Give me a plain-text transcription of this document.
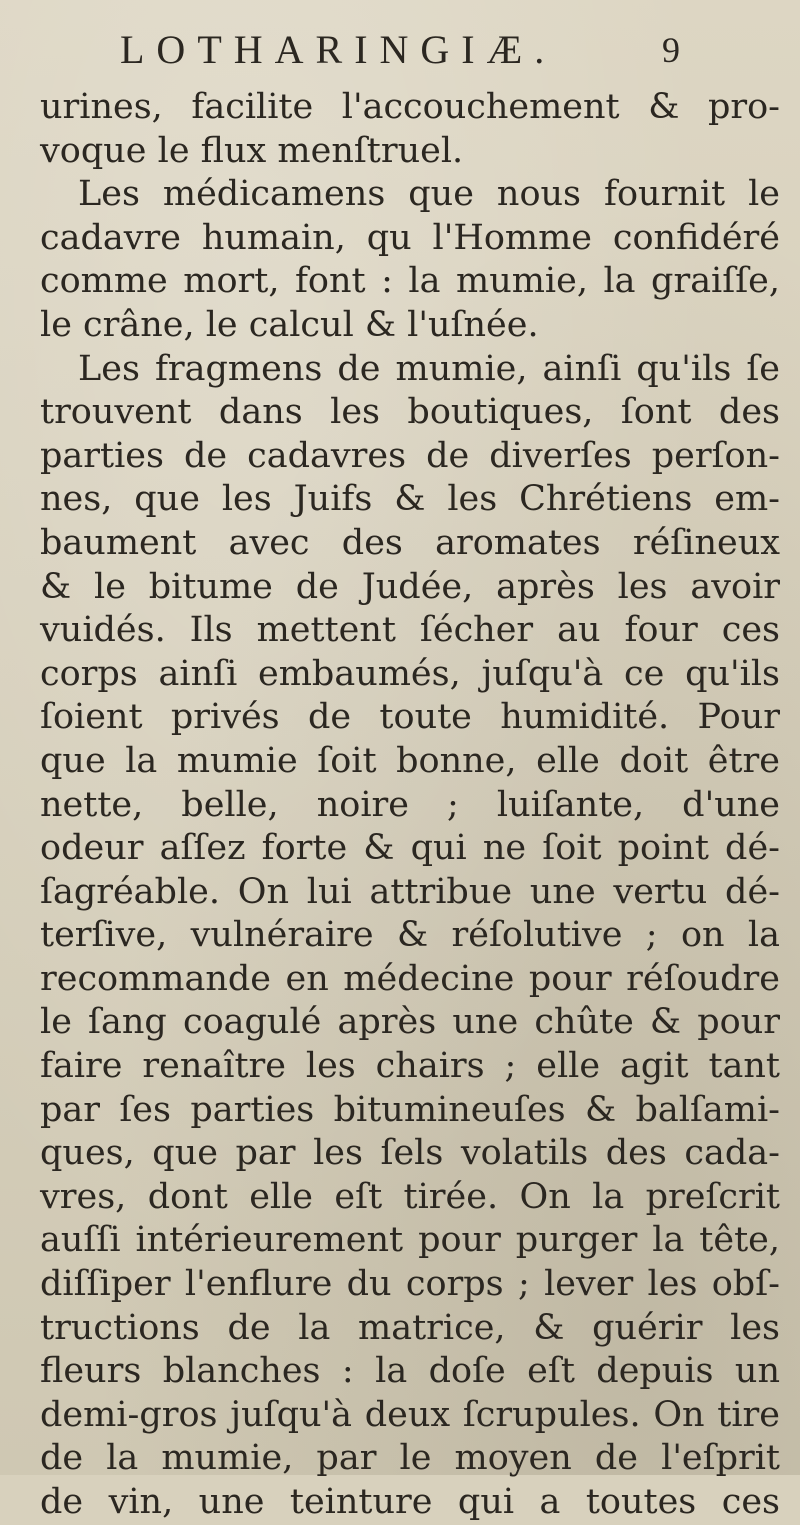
LOTHARINGIÆ.	9
urines, facilite l'accouchement & pro-
voque le flux menſtruel.
Les médicamens que nous fournit le
cadavre humain, qu l'Homme confidéré
comme mort, font : la mumie, la graiſſe,
le crâne, le calcul & l'uſnée.
Les fragmens de mumie, ainſi qu'ils ſe
trouvent dans les boutiques, ſont des
parties de cadavres de diverſes perſon-
nes, que les Juifs & les Chrétiens em-
baument avec des aromates réſineux
& le bitume de Judée, après les avoir
vuidés. Ils mettent ſécher au four ces
corps ainſi embaumés, juſqu'à ce qu'ils
ſoient privés de toute humidité. Pour
que la mumie ſoit bonne, elle doit être
nette, belle, noire ; luiſante, d'une
odeur aſſez forte & qui ne ſoit point dé-
ſagréable. On lui attribue une vertu dé-
terſive, vulnéraire & réſolutive ; on la
recommande en médecine pour réſoudre
le ſang coagulé après une chûte & pour
faire renaître les chairs ; elle agit tant
par ſes parties bitumineuſes & balſami-
ques, que par les ſels volatils des cada-
vres, dont elle eſt tirée. On la preſcrit
auſſi intérieurement pour purger la tête,
diſſiper l'enflure du corps ; lever les obſ-
tructions de la matrice, & guérir les
fleurs blanches : la doſe eſt depuis un
demi-gros juſqu'à deux ſcrupules. On tire
de la mumie, par le moyen de l'eſprit
de vin, une teinture qui a toutes ces
